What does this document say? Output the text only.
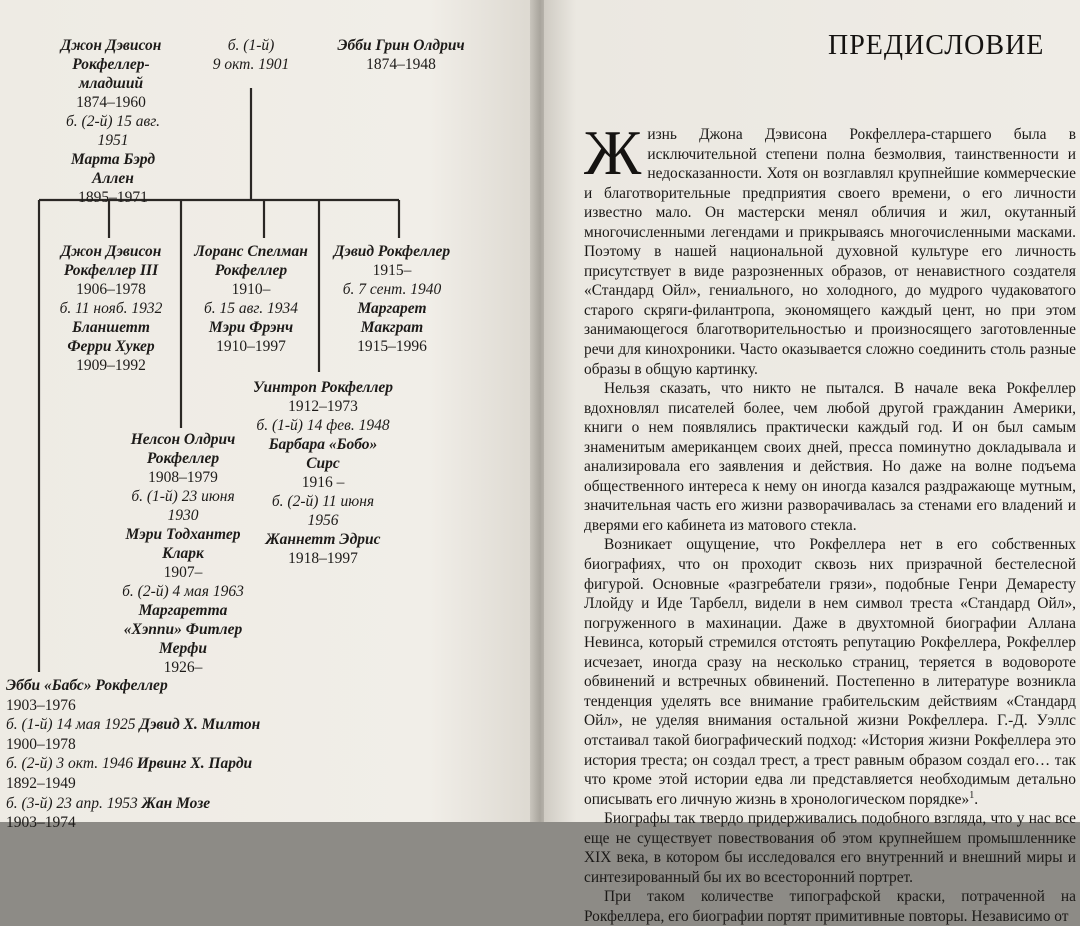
Джон Дэвисон
Рокфеллер-
младший
1874–1960
б. (1-й)
9 окт. 1901
Эбби Грин Олдрич
1874–1948
б. (2-й) 15 авг.
1951
Марта Бэрд
Аллен
1895–1971
Джон Дэвисон
Рокфеллер III
1906–1978
б. 11 нояб. 1932
Бланшетт
Ферри Хукер
1909–1992
Лоранс Спелман
Рокфеллер
1910–
б. 15 авг. 1934
Мэри Фрэнч
1910–1997
Дэвид Рокфеллер
1915–
б. 7 сент. 1940
Маргарет
Макграт
1915–1996
Уинтроп Рокфеллер
1912–1973
б. (1-й) 14 фев. 1948
Барбара «Бобо»
Сирс
1916 –
б. (2-й) 11 июня
1956
Жаннетт Эдрис
1918–1997
Нелсон Олдрич
Рокфеллер
1908–1979
б. (1-й) 23 июня
1930
Мэри Тодхантер
Кларк
1907–
б. (2-й) 4 мая 1963
Маргаретта
«Хэппи» Фитлер
Мерфи
1926–
Эбби «Бабс» Рокфеллер
1903–1976
б. (1-й) 14 мая 1925 Дэвид Х. Милтон
1900–1978
б. (2-й) 3 окт. 1946 Ирвинг Х. Парди
1892–1949
б. (3-й) 23 апр. 1953 Жан Мозе
1903–1974
ПРЕДИСЛОВИЕ

Жизнь Джона Дэвисона Рокфеллера-старшего была в исключительной степени полна безмолвия, таинственности и недосказанности. Хотя он возглавлял крупнейшие коммерческие и благотворительные предприятия своего времени, о его личности известно мало. Он мастерски менял обличия и жил, окутанный многочисленными легендами и прикрываясь многочисленными масками. Поэтому в нашей национальной духовной культуре его личность присутствует в виде разрозненных образов, от ненавистного создателя «Стандард Ойл», гениального, но холодного, до мудрого чудаковатого старого скряги-филантропа, экономящего каждый цент, но при этом занимающегося благотворительностью и произносящего заготовленные речи для кинохроники. Часто оказывается сложно соединить столь разные образы в общую картинку.

Нельзя сказать, что никто не пытался. В начале века Рокфеллер вдохновлял писателей более, чем любой другой гражданин Америки, книги о нем появлялись практически каждый год. И он был самым знаменитым американцем своих дней, пресса поминутно докладывала и анализировала его заявления и действия. Но даже на волне подъема общественного интереса к нему он иногда казался раздражающе мутным, значительная часть его жизни разворачивалась за стенами его владений и дверями его кабинета из матового стекла.

Возникает ощущение, что Рокфеллера нет в его собственных биографиях, что он проходит сквозь них призрачной бестелесной фигурой. Основные «разгребатели грязи», подобные Генри Демаресту Ллойду и Иде Тарбелл, видели в нем символ треста «Стандард Ойл», погруженного в махинации. Даже в двухтомной биографии Аллана Невинса, который стремился отстоять репутацию Рокфеллера, Рокфеллер исчезает, иногда сразу на несколько страниц, теряется в водовороте обвинений и встречных обвинений. Постепенно в литературе возникла тенденция уделять все внимание грабительским действиям «Стандард Ойл», не уделяя внимания остальной жизни Рокфеллера. Г.-Д. Уэллс отстаивал такой биографический подход: «История жизни Рокфеллера это история треста; он создал трест, а трест равным образом создал его… так что кроме этой истории едва ли представляется необходимым детально описывать его личную жизнь в хронологическом порядке»$^1$.

Биографы так твердо придерживались подобного взгляда, что у нас все еще не существует повествования об этом крупнейшем промышленнике XIX века, в котором бы исследовался его внутренний и внешний миры и синтезированный бы их во всесторонний портрет.

При таком количестве типографской краски, потраченной на Рокфеллера, его биографии портят примитивные повторы. Независимо от
